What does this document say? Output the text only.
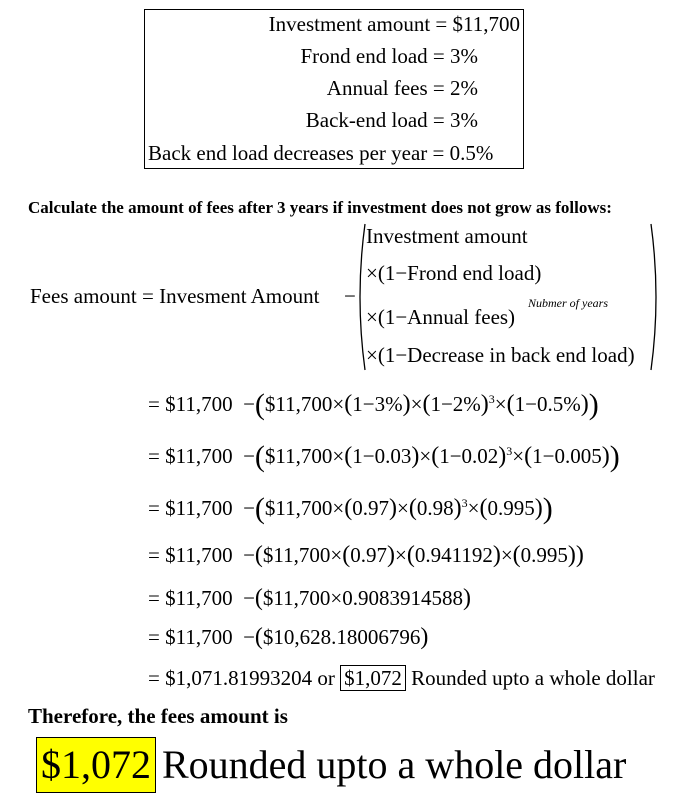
Investment amount = $11,700
Frond end load = 3%
Annual fees = 2%
Back-end load = 3%
Back end load decreases per year = 0.5%
Calculate the amount of fees after 3 years if investment does not grow as follows:
Fees amount = Invesment Amount −
Investment amount
×(1−Frond end load)
×(1−Annual fees)
Nubmer of years
×(1−Decrease in back end load)
= $11,700  $-(\$11,700\times(1-3\%)\times(1-2\%)^3\times(1-0.5\%))$
= $11,700  $-(\$11,700\times(1-0.03)\times(1-0.02)^3\times(1-0.005))$
= $11,700  $-(\$11,700\times(0.97)\times(0.98)^3\times(0.995))$
= $11,700  −($11,700×(0.97)×(0.941192)×(0.995))
= $11,700  −($11,700×0.9083914588)
= $11,700  −($10,628.18006796)
= $1,071.81993204 or $1,072 Rounded upto a whole dollar
Therefore, the fees amount is
$1,072 Rounded upto a whole dollar
